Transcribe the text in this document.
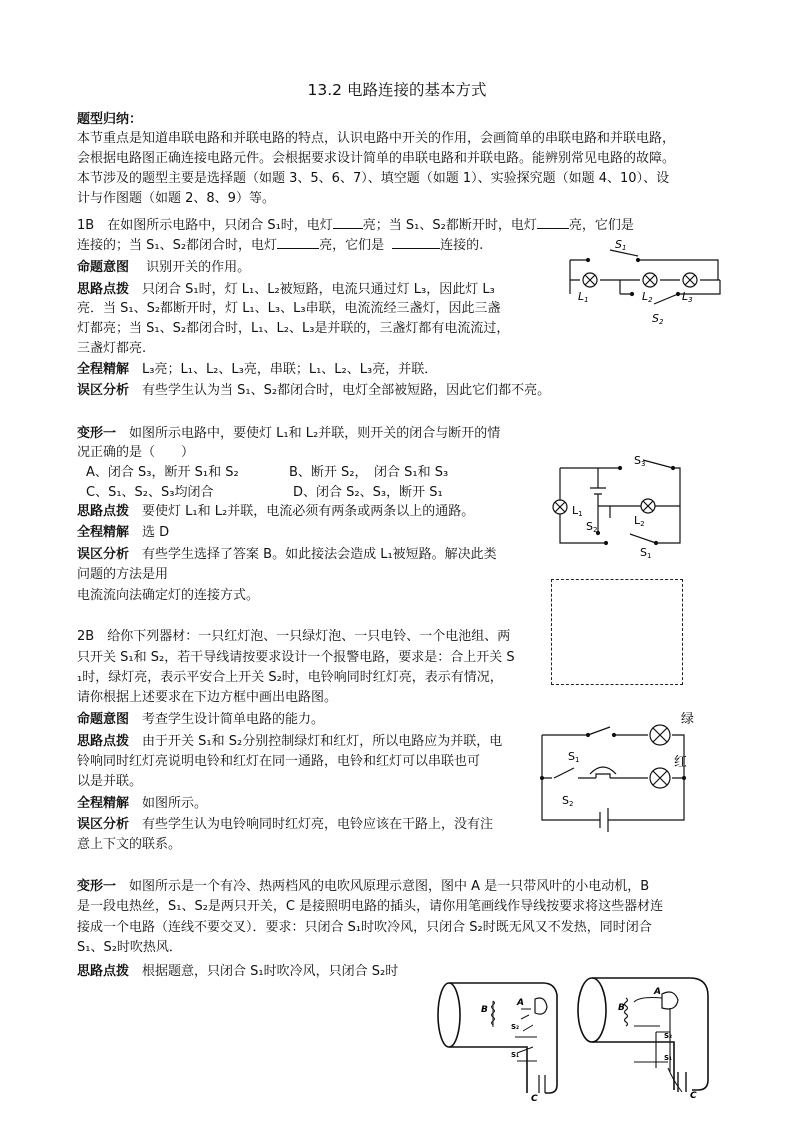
13.2 电路连接的基本方式
题型归纳：
本节重点是知道串联电路和并联电路的特点，认识电路中开关的作用，会画简单的串联电路和并联电路，
会根据电路图正确连接电路元件。会根据要求设计简单的串联电路和并联电路。能辨别常见电路的故障。
本节涉及的题型主要是选择题（如题 3、5、6、7）、填空题（如题 1）、实验探究题（如题 4、10）、设
计与作图题（如题 2、8、9）等。
1B　在如图所示电路中，只闭合 S₁时，电灯 亮；当 S₁、S₂都断开时，电灯 亮，它们是
连接的；当 S₁、S₂都闭合时，电灯	亮，它们是	连接的.
命题意图　 识别开关的作用。
思路点拨　 只闭合 S₁时，灯 L₁、L₂被短路，电流只通过灯 L₃，因此灯 L₃
亮．当 S₁、S₂都断开时，灯 L₁、L₃、L₃串联，电流流经三盏灯，因此三盏
灯都亮；当 S₁、S₂都闭合时，L₁、L₂、L₃是并联的，三盏灯都有电流流过，
三盏灯都亮.
全程精解　 L₃亮；L₁、L₂、L₃亮，串联；L₁、L₂、L₃亮，并联．
误区分析　 有些学生认为当 S₁、S₂都闭合时，电灯全部被短路，因此它们都不亮。
S1
L1	L2	L3
S2
变形一　 如图所示电路中，要使灯 L₁和 L₂并联，则开关的闭合与断开的情
况正确的是（　　）
A、闭合 S₃，断开 S₁和 S₂	B、断开 S₂，　闭合 S₁和 S₃
C、S₁、S₂、S₃均闭合	D、闭合 S₂、S₃，断开 S₁
思路点拨　 要使灯 L₁和 L₂并联，电流必须有两条或两条以上的通路。
全程精解　 选 D
误区分析　 有些学生选择了答案 B。如此接法会造成 L₁被短路。解决此类
问题的方法是用
电流流向法确定灯的连接方式。
S3
L1	L2
S2
S1
2B　给你下列器材：一只红灯泡、一只绿灯泡、一只电铃、一个电池组、两
只开关 S₁和 S₂，若干导线请按要求设计一个报警电路，要求是：合上开关 S
₁时，绿灯亮，表示平安合上开关 S₂时，电铃响同时红灯亮，表示有情况，
请你根据上述要求在下边方框中画出电路图。
命题意图　 考查学生设计简单电路的能力。
思路点拨　 由于开关 S₁和 S₂分别控制绿灯和红灯，所以电路应为并联，电
铃响同时红灯亮说明电铃和红灯在同一通路，电铃和红灯可以串联也可
以是并联。
全程精解　 如图所示。
误区分析　 有些学生认为电铃响同时红灯亮，电铃应该在干路上，没有注
意上下文的联系。
绿
红
S1
S2
变形一　 如图所示是一个有冷、热两档风的电吹风原理示意图，图中 A 是一只带风叶的小电动机，B
是一段电热丝，S₁、S₂是两只开关，C 是接照明电路的插头，请你用笔画线作导线按要求将这些器材连
接成一个电路（连线不要交叉）．要求：只闭合 S₁时吹冷风，只闭合 S₂时既无风又不发热，同时闭合
S₁、S₂时吹热风．
思路点拨　 根据题意，只闭合 S₁时吹冷风，只闭合 S₂时
B
A
S₂
S₁
C
B
A
S₂
S₁
C
